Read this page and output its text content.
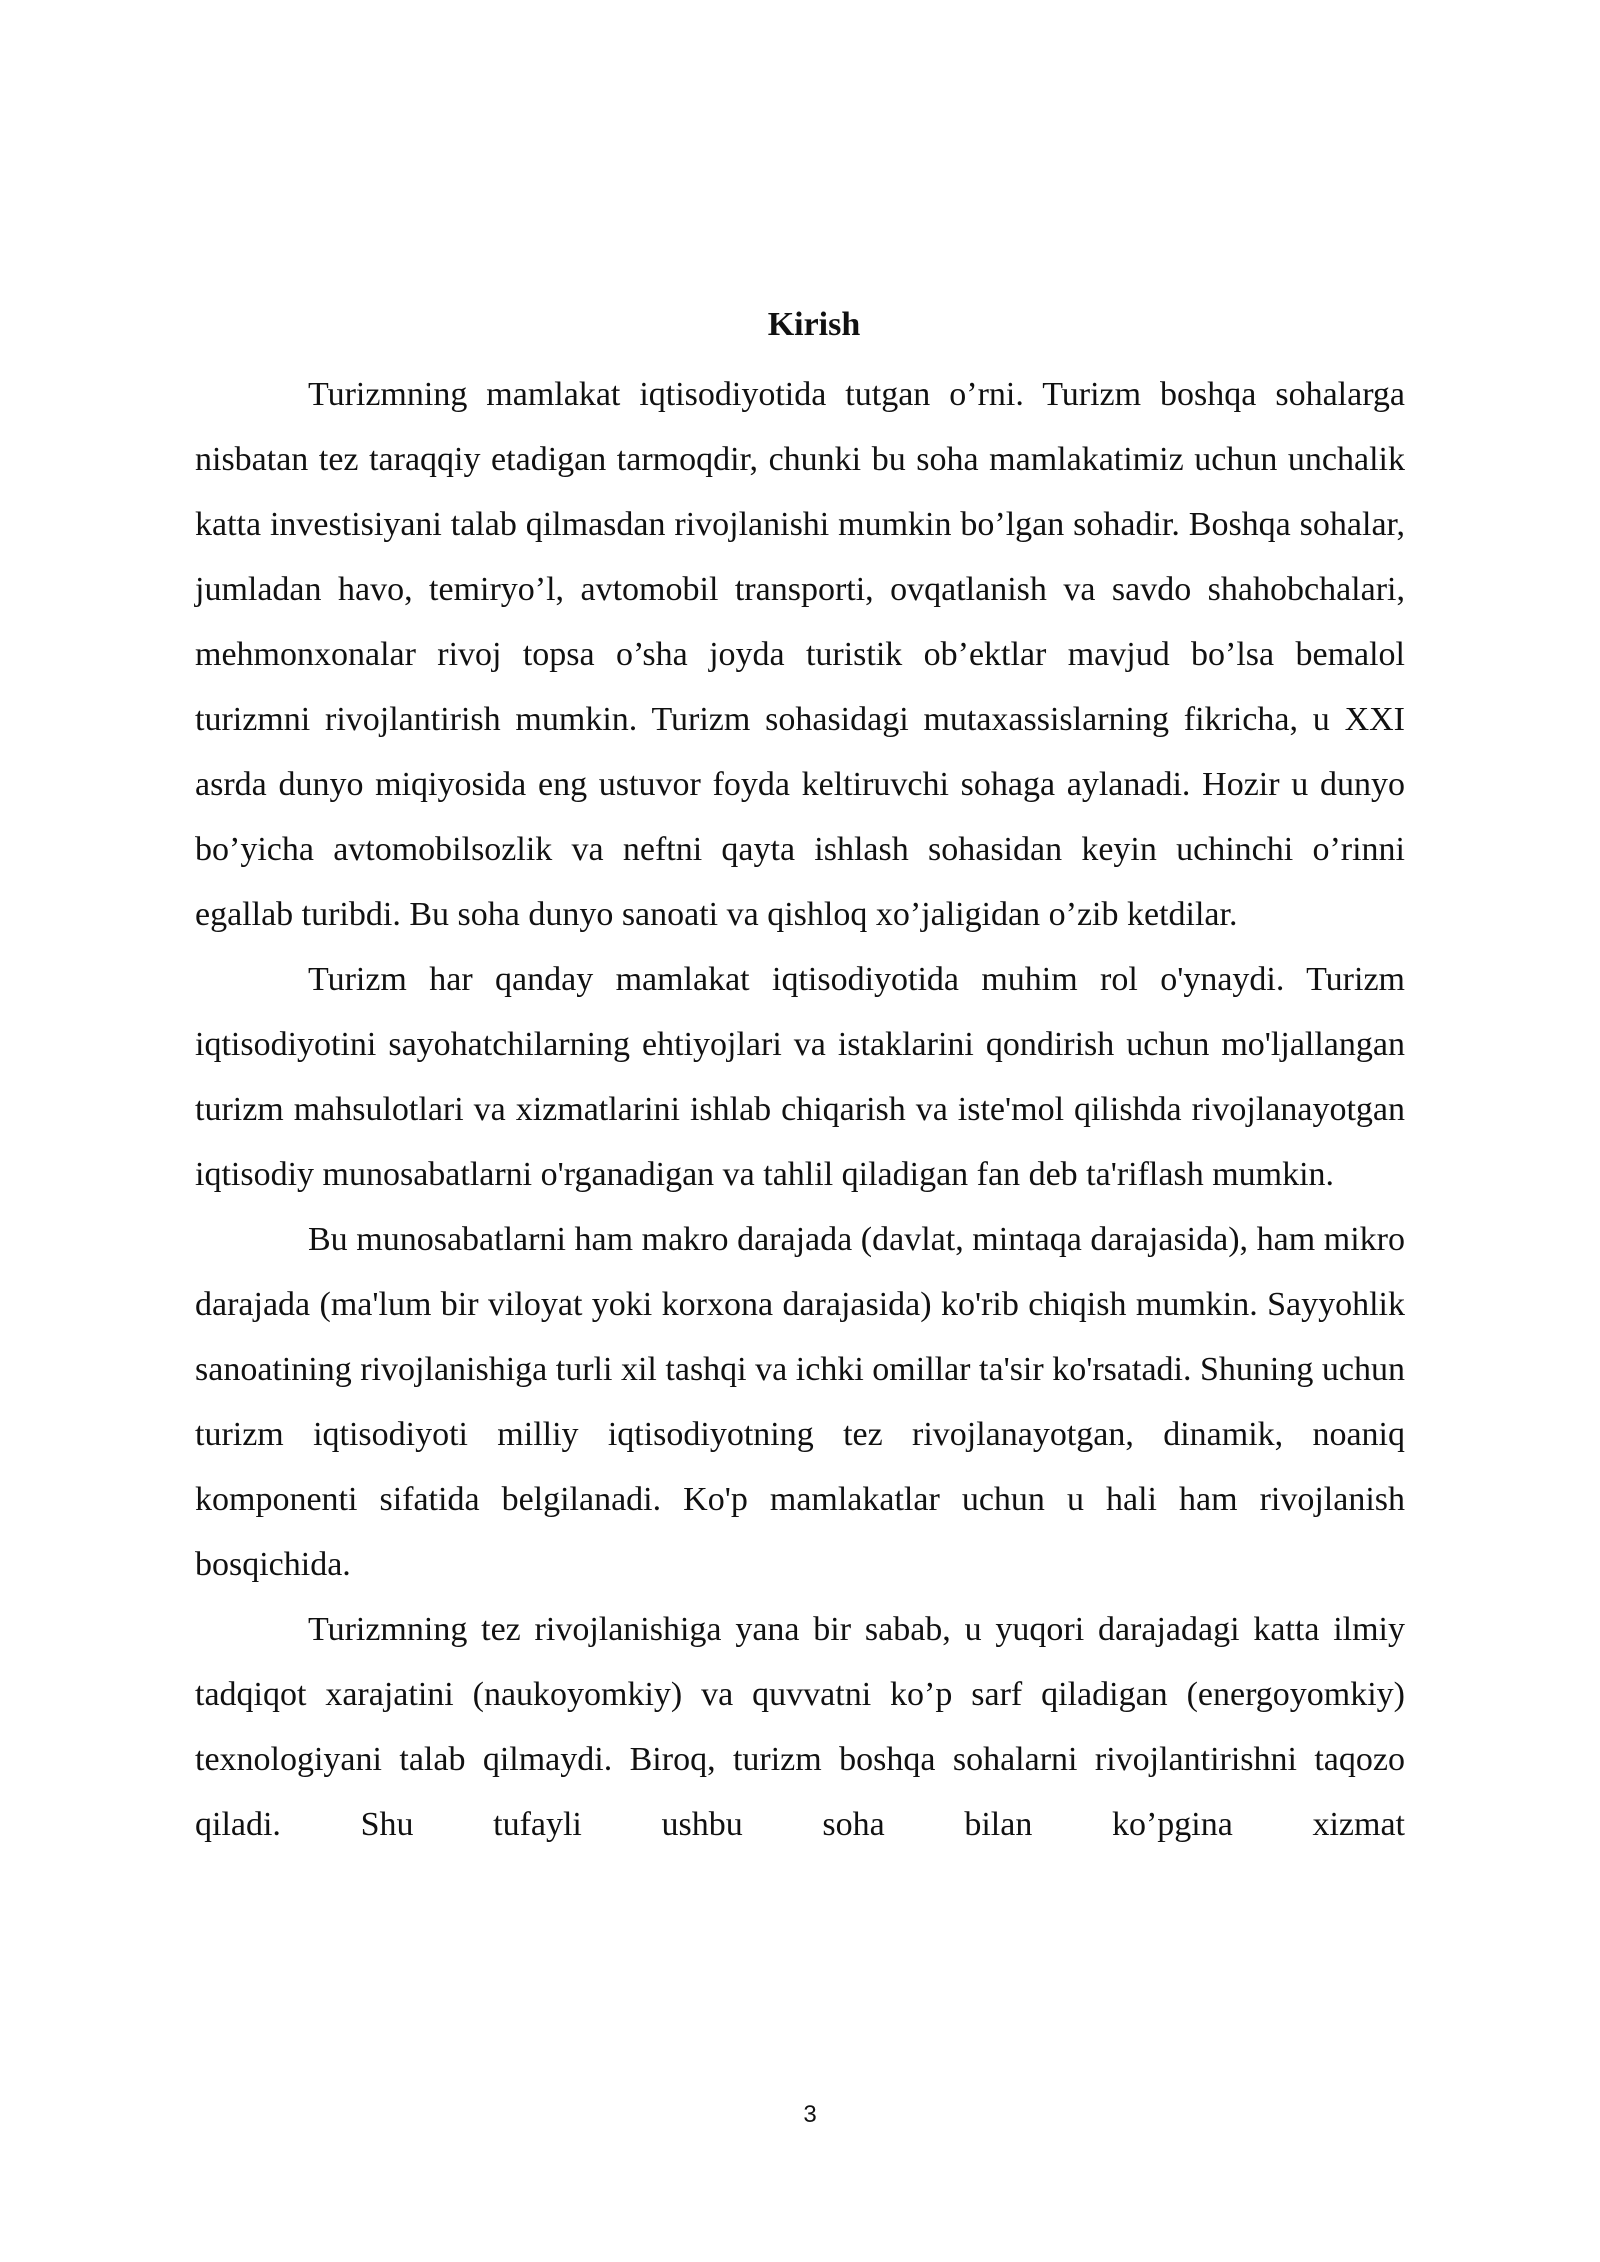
Kirish

Turizmning mamlakat iqtisodiyotida tutgan o’rni. Turizm boshqa sohalarga nisbatan tez taraqqiy etadigan tarmoqdir, chunki bu soha mamlakatimiz uchun unchalik katta investisiyani talab qilmasdan rivojlanishi mumkin bo’lgan sohadir. Boshqa sohalar, jumladan havo, temiryo’l, avtomobil transporti, ovqatlanish va savdo shahobchalari, mehmonxonalar rivoj topsa o’sha joyda turistik ob’ektlar mavjud bo’lsa bemalol turizmni rivojlantirish mumkin. Turizm sohasidagi mutaxassislarning fikricha, u XXI asrda dunyo miqiyosida eng ustuvor foyda keltiruvchi sohaga aylanadi. Hozir u dunyo bo’yicha avtomobilsozlik va neftni qayta ishlash sohasidan keyin uchinchi o’rinni egallab turibdi. Bu soha dunyo sanoati va qishloq xo’jaligidan o’zib ketdilar.

Turizm har qanday mamlakat iqtisodiyotida muhim rol o'ynaydi. Turizm iqtisodiyotini sayohatchilarning ehtiyojlari va istaklarini qondirish uchun mo'ljallangan turizm mahsulotlari va xizmatlarini ishlab chiqarish va iste'mol qilishda rivojlanayotgan iqtisodiy munosabatlarni o'rganadigan va tahlil qiladigan fan deb ta'riflash mumkin.

Bu munosabatlarni ham makro darajada (davlat, mintaqa darajasida), ham mikro darajada (ma'lum bir viloyat yoki korxona darajasida) ko'rib chiqish mumkin. Sayyohlik sanoatining rivojlanishiga turli xil tashqi va ichki omillar ta'sir ko'rsatadi. Shuning uchun turizm iqtisodiyoti milliy iqtisodiyotning tez rivojlanayotgan, dinamik, noaniq komponenti sifatida belgilanadi. Ko'p mamlakatlar uchun u hali ham rivojlanish bosqichida.

Turizmning tez rivojlanishiga yana bir sabab, u yuqori darajadagi katta ilmiy tadqiqot xarajatini (naukoyomkiy) va quvvatni ko’p sarf qiladigan (energoyomkiy) texnologiyani talab qilmaydi. Biroq, turizm boshqa sohalarni rivojlantirishni taqozo qiladi. Shu tufayli ushbu soha bilan ko’pgina xizmat

3
